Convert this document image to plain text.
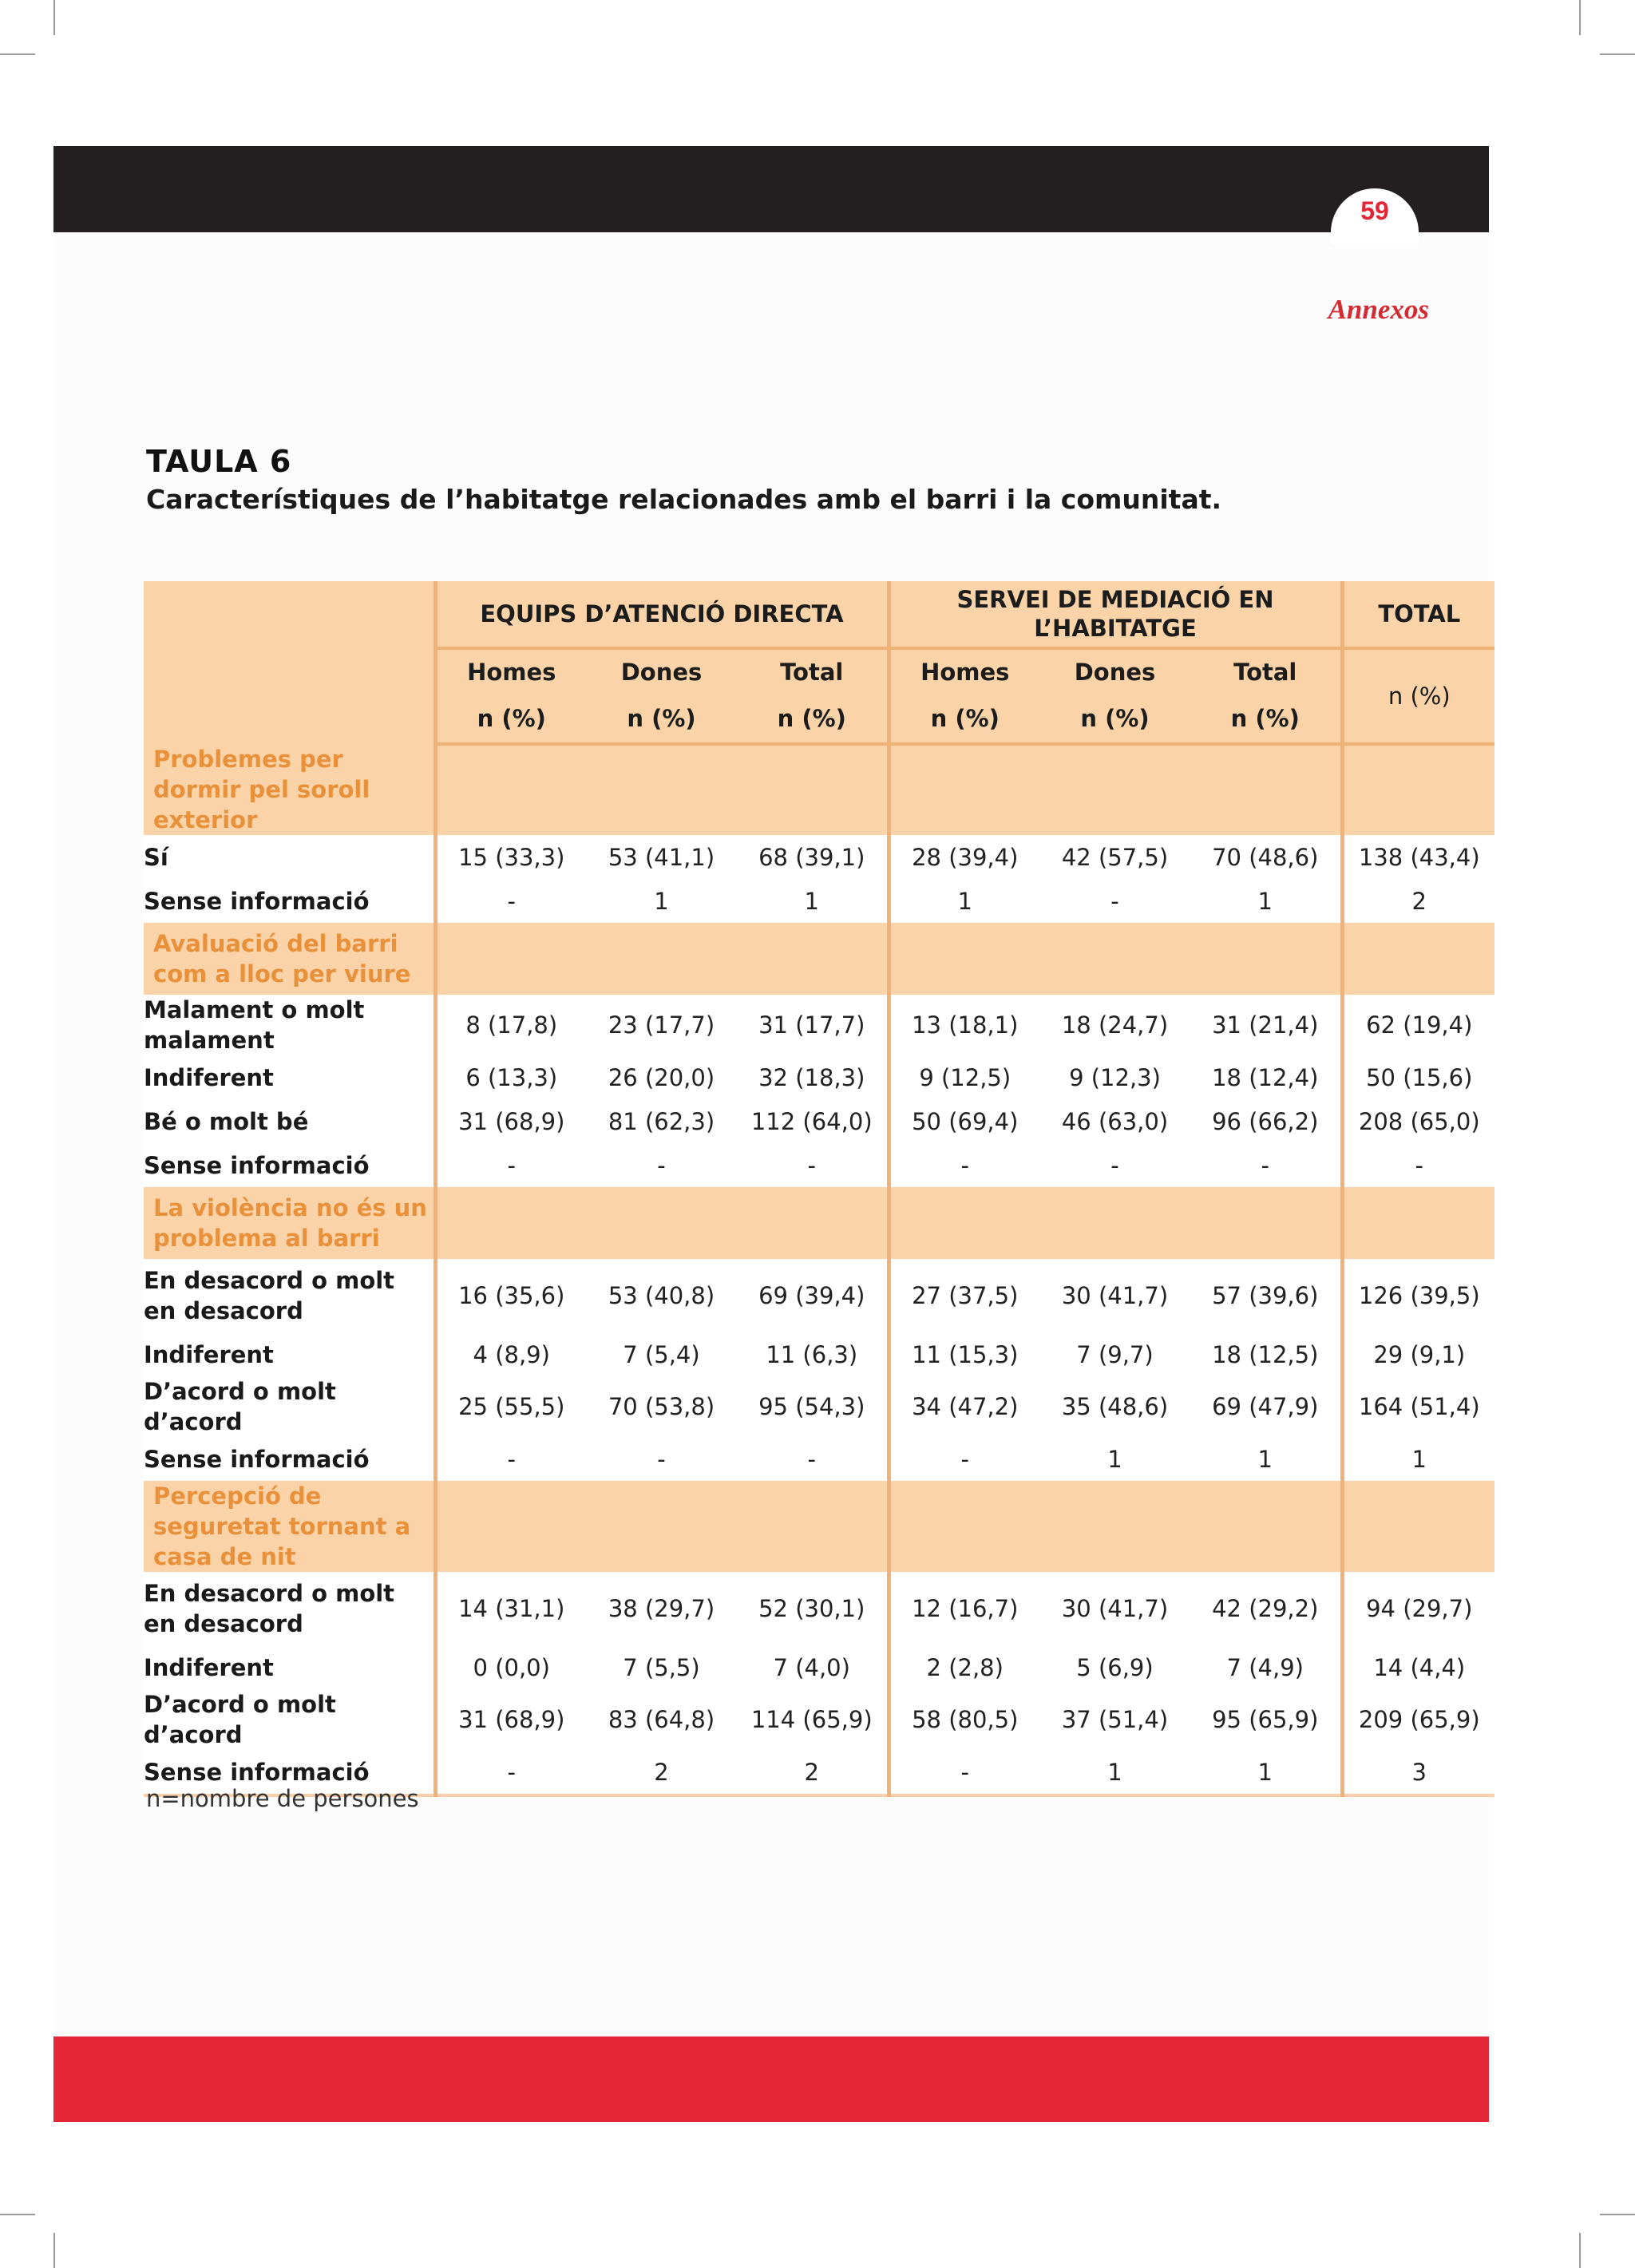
59
Annexos
TAULA 6
Característiques de l’habitatge relacionades amb el barri i la comunitat.
	EQUIPS D’ATENCIÓ DIRECTA			SERVEI DE MEDIACIÓ EN L’HABITATGE			TOTAL
	Homes	Dones	Total	Homes	Dones	Total	n (%)
	n (%)	n (%)	n (%)	n (%)	n (%)	n (%)	
Problemes per dormir pel soroll exterior							
Sí	15 (33,3)	53 (41,1)	68 (39,1)	28 (39,4)	42 (57,5)	70 (48,6)	138 (43,4)
Sense informació	-	1	1	1	-	1	2
Avaluació del barri com a lloc per viure							
Malament o molt malament	8 (17,8)	23 (17,7)	31 (17,7)	13 (18,1)	18 (24,7)	31 (21,4)	62 (19,4)
Indiferent	6 (13,3)	26 (20,0)	32 (18,3)	9 (12,5)	9 (12,3)	18 (12,4)	50 (15,6)
Bé o molt bé	31 (68,9)	81 (62,3)	112 (64,0)	50 (69,4)	46 (63,0)	96 (66,2)	208 (65,0)
Sense informació	-	-	-	-	-	-	-
La violència no és un problema al barri							
En desacord o molt en desacord	16 (35,6)	53 (40,8)	69 (39,4)	27 (37,5)	30 (41,7)	57 (39,6)	126 (39,5)
Indiferent	4 (8,9)	7 (5,4)	11 (6,3)	11 (15,3)	7 (9,7)	18 (12,5)	29 (9,1)
D’acord o molt d’acord	25 (55,5)	70 (53,8)	95 (54,3)	34 (47,2)	35 (48,6)	69 (47,9)	164 (51,4)
Sense informació	-	-	-	-	1	1	1
Percepció de seguretat tornant a casa de nit							
En desacord o molt en desacord	14 (31,1)	38 (29,7)	52 (30,1)	12 (16,7)	30 (41,7)	42 (29,2)	94 (29,7)
Indiferent	0 (0,0)	7 (5,5)	7 (4,0)	2 (2,8)	5 (6,9)	7 (4,9)	14 (4,4)
D’acord o molt d’acord	31 (68,9)	83 (64,8)	114 (65,9)	58 (80,5)	37 (51,4)	95 (65,9)	209 (65,9)
Sense informació	-	2	2	-	1	1	3
n=nombre de persones
